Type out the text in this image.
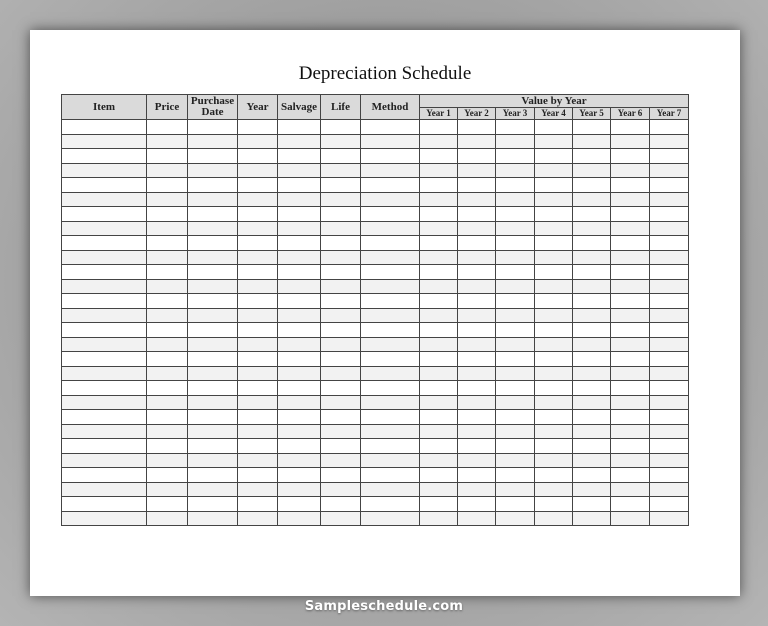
Depreciation Schedule
Item	Price	Purchase Date	Year	Salvage	Life	Method	Value by Year						
							Year 1	Year 2	Year 3	Year 4	Year 5	Year 6	Year 7

Sampleschedule.com
